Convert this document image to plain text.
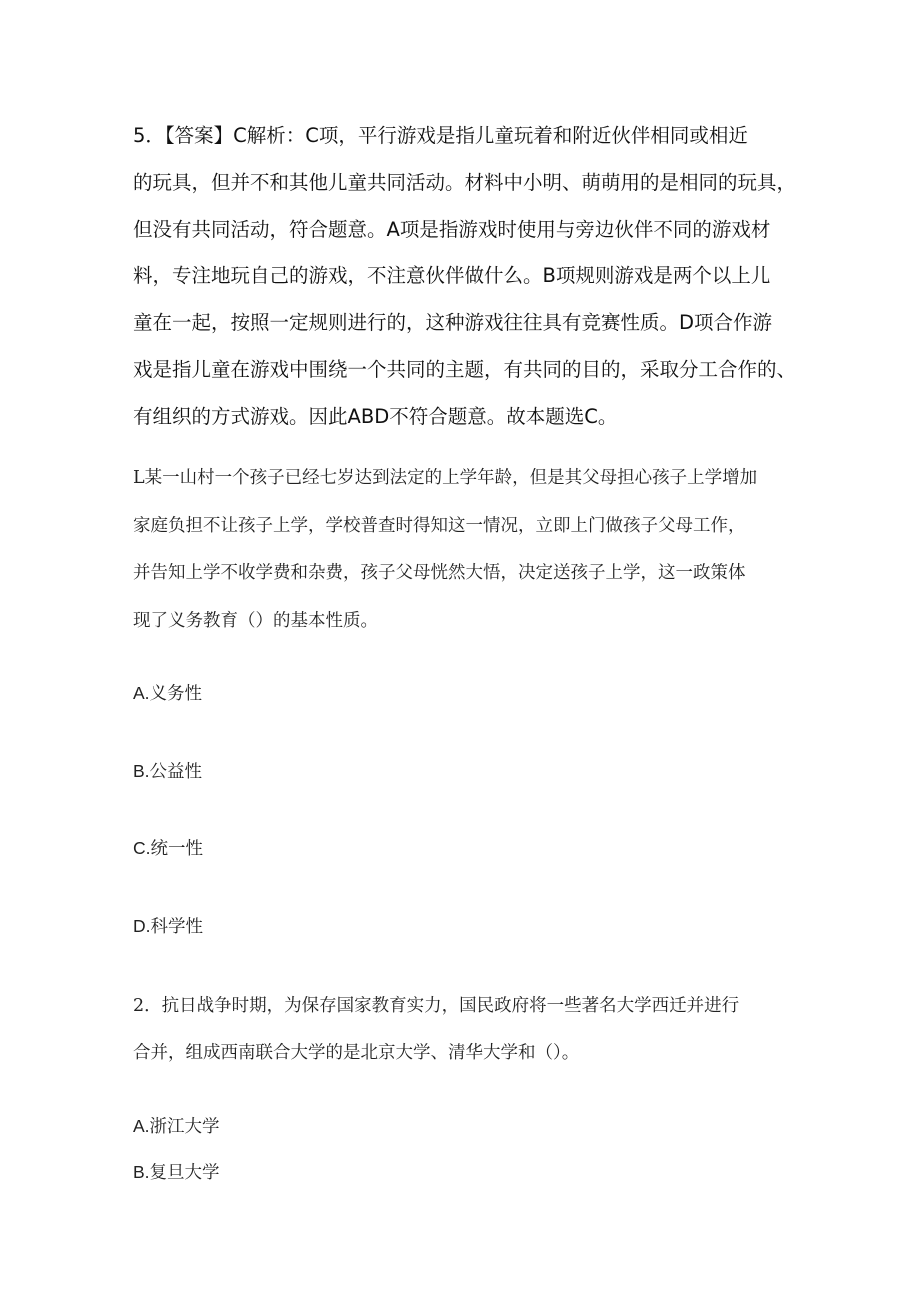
5．【答案】C解析：C项，平行游戏是指儿童玩着和附近伙伴相同或相近
的玩具，但并不和其他儿童共同活动。材料中小明、萌萌用的是相同的玩具，
但没有共同活动，符合题意。A项是指游戏时使用与旁边伙伴不同的游戏材
料，专注地玩自己的游戏，不注意伙伴做什么。B项规则游戏是两个以上儿
童在一起，按照一定规则进行的，这种游戏往往具有竞赛性质。D项合作游
戏是指儿童在游戏中围绕一个共同的主题，有共同的目的，采取分工合作的、
有组织的方式游戏。因此ABD不符合题意。故本题选C。
L某一山村一个孩子已经七岁达到法定的上学年龄，但是其父母担心孩子上学增加
家庭负担不让孩子上学，学校普查时得知这一情况，立即上门做孩子父母工作，
并告知上学不收学费和杂费，孩子父母恍然大悟，决定送孩子上学，这一政策体
现了义务教育（）的基本性质。
A.义务性
B.公益性
C.统一性
D.科学性
2．抗日战争时期，为保存国家教育实力，国民政府将一些著名大学西迁并进行
合并，组成西南联合大学的是北京大学、清华大学和（）。
A.浙江大学
B.复旦大学
